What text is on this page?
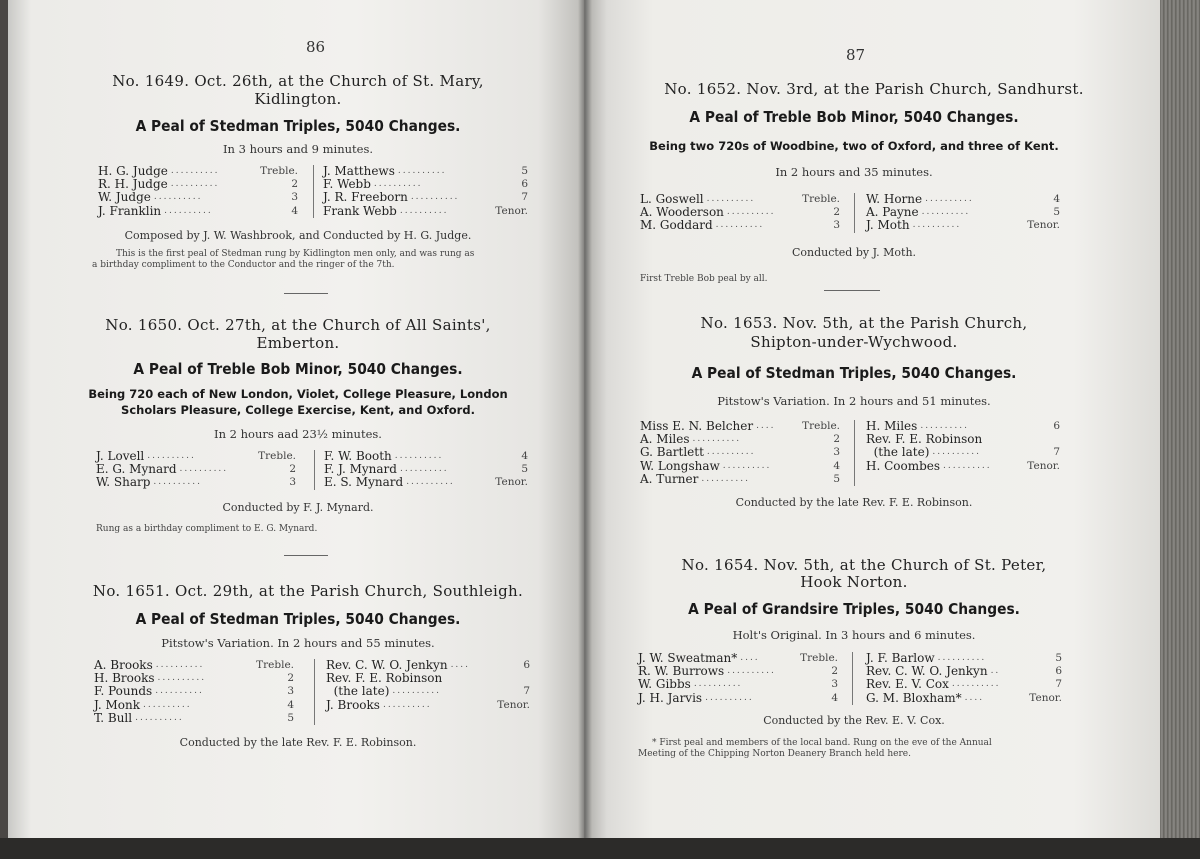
86
No. 1649. Oct. 26th, at the Church of St. Mary,
Kidlington.
A Peal of Stedman Triples, 5040 Changes.
In 3 hours and 9 minutes.
H. G. Judge ..........	Treble.
R. H. Judge ..........	2
W. Judge ..........	3
J. Franklin ..........	4
J. Matthews ..........	5
F. Webb ..........	6
J. R. Freeborn ..........	7
Frank Webb ..........	Tenor.
Composed by J. W. Washbrook, and Conducted by H. G. Judge.
This is the first peal of Stedman rung by Kidlington men only, and was rung as
a birthday compliment to the Conductor and the ringer of the 7th.
No. 1650. Oct. 27th, at the Church of All Saints',
Emberton.
A Peal of Treble Bob Minor, 5040 Changes.
Being 720 each of New London, Violet, College Pleasure, London
Scholars Pleasure, College Exercise, Kent, and Oxford.
In 2 hours aad 23½ minutes.
J. Lovell ..........	Treble.
E. G. Mynard ..........	2
W. Sharp ..........	3
F. W. Booth ..........	4
F. J. Mynard ..........	5
E. S. Mynard ..........	Tenor.
Conducted by F. J. Mynard.
Rung as a birthday compliment to E. G. Mynard.
No. 1651. Oct. 29th, at the Parish Church, Southleigh.
A Peal of Stedman Triples, 5040 Changes.
Pitstow's Variation. In 2 hours and 55 minutes.
A. Brooks ..........	Treble.
H. Brooks ..........	2
F. Pounds ..........	3
J. Monk ..........	4
T. Bull ..........	5
Rev. C. W. O. Jenkyn ....	6
Rev. F. E. Robinson
(the late) ..........	7
J. Brooks ..........	Tenor.
Conducted by the late Rev. F. E. Robinson.
87
No. 1652. Nov. 3rd, at the Parish Church, Sandhurst.
A Peal of Treble Bob Minor, 5040 Changes.
Being two 720s of Woodbine, two of Oxford, and three of Kent.
In 2 hours and 35 minutes.
L. Goswell ..........	Treble.
A. Wooderson ..........	2
M. Goddard ..........	3
W. Horne ..........	4
A. Payne ..........	5
J. Moth ..........	Tenor.
Conducted by J. Moth.
First Treble Bob peal by all.
No. 1653. Nov. 5th, at the Parish Church,
Shipton-under-Wychwood.
A Peal of Stedman Triples, 5040 Changes.
Pitstow's Variation. In 2 hours and 51 minutes.
Miss E. N. Belcher ....	Treble.
A. Miles ..........	2
G. Bartlett ..........	3
W. Longshaw ..........	4
A. Turner ..........	5
H. Miles ..........	6
Rev. F. E. Robinson
(the late) ..........	7
H. Coombes ..........	Tenor.
Conducted by the late Rev. F. E. Robinson.
No. 1654. Nov. 5th, at the Church of St. Peter,
Hook Norton.
A Peal of Grandsire Triples, 5040 Changes.
Holt's Original. In 3 hours and 6 minutes.
J. W. Sweatman* ....	Treble.
R. W. Burrows ..........	2
W. Gibbs ..........	3
J. H. Jarvis ..........	4
J. F. Barlow ..........	5
Rev. C. W. O. Jenkyn ..	6
Rev. E. V. Cox ..........	7
G. M. Bloxham* ....	Tenor.
Conducted by the Rev. E. V. Cox.
* First peal and members of the local band. Rung on the eve of the Annual
Meeting of the Chipping Norton Deanery Branch held here.
